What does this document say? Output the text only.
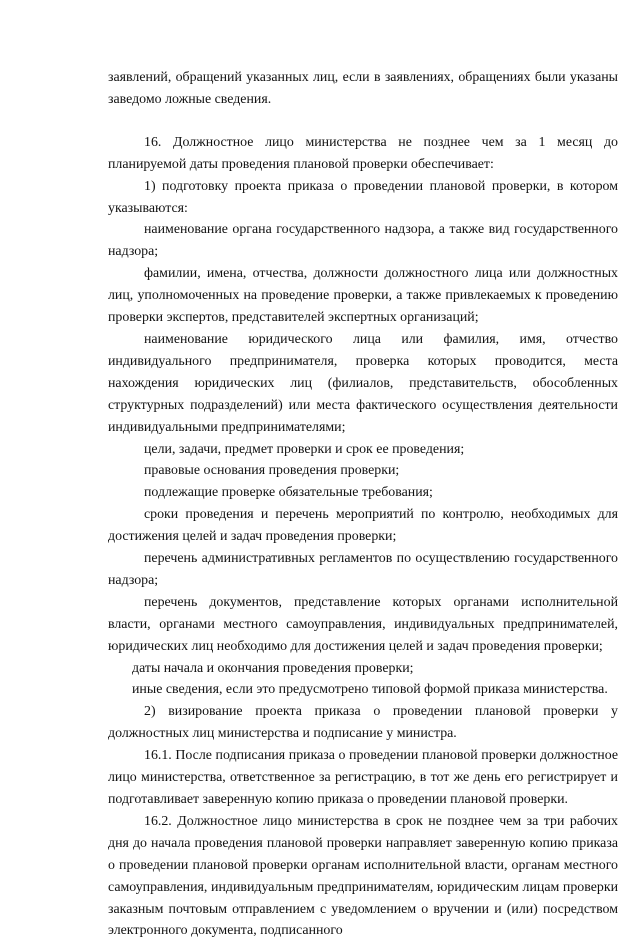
заявлений, обращений указанных лиц, если в заявлениях, обращениях были указаны заведомо ложные сведения.

16. Должностное лицо министерства не позднее чем за 1 месяц до планируемой даты проведения плановой проверки обеспечивает:

1) подготовку проекта приказа о проведении плановой проверки, в котором указываются:

наименование органа государственного надзора, а также вид государственного надзора;

фамилии, имена, отчества, должности должностного лица или должностных лиц, уполномоченных на проведение проверки, а также привлекаемых к проведению проверки экспертов, представителей экспертных организаций;

наименование юридического лица или фамилия, имя, отчество индивидуального предпринимателя, проверка которых проводится, места нахождения юридических лиц (филиалов, представительств, обособленных структурных подразделений) или места фактического осуществления деятельности индивидуальными предпринимателями;

цели, задачи, предмет проверки и срок ее проведения;

правовые основания проведения проверки;

подлежащие проверке обязательные требования;

сроки проведения и перечень мероприятий по контролю, необходимых для достижения целей и задач проведения проверки;

перечень административных регламентов по осуществлению государственного надзора;

перечень документов, представление которых органами исполнительной власти, органами местного самоуправления, индивидуальных предпринимателей, юридических лиц необходимо для достижения целей и задач проведения проверки;

даты начала и окончания проведения проверки;

иные сведения, если это предусмотрено типовой формой приказа министерства.

2) визирование проекта приказа о проведении плановой проверки у должностных лиц министерства и подписание у министра.

16.1. После подписания приказа о проведении плановой проверки должностное лицо министерства, ответственное за регистрацию, в тот же день его регистрирует и подготавливает заверенную копию приказа о проведении плановой проверки.

16.2. Должностное лицо министерства в срок не позднее чем за три рабочих дня до начала проведения плановой проверки направляет заверенную копию приказа о проведении плановой проверки органам исполнительной власти, органам местного самоуправления, индивидуальным предпринимателям, юридическим лицам проверки заказным почтовым отправлением с уведомлением о вручении и (или) посредством электронного документа, подписанного
